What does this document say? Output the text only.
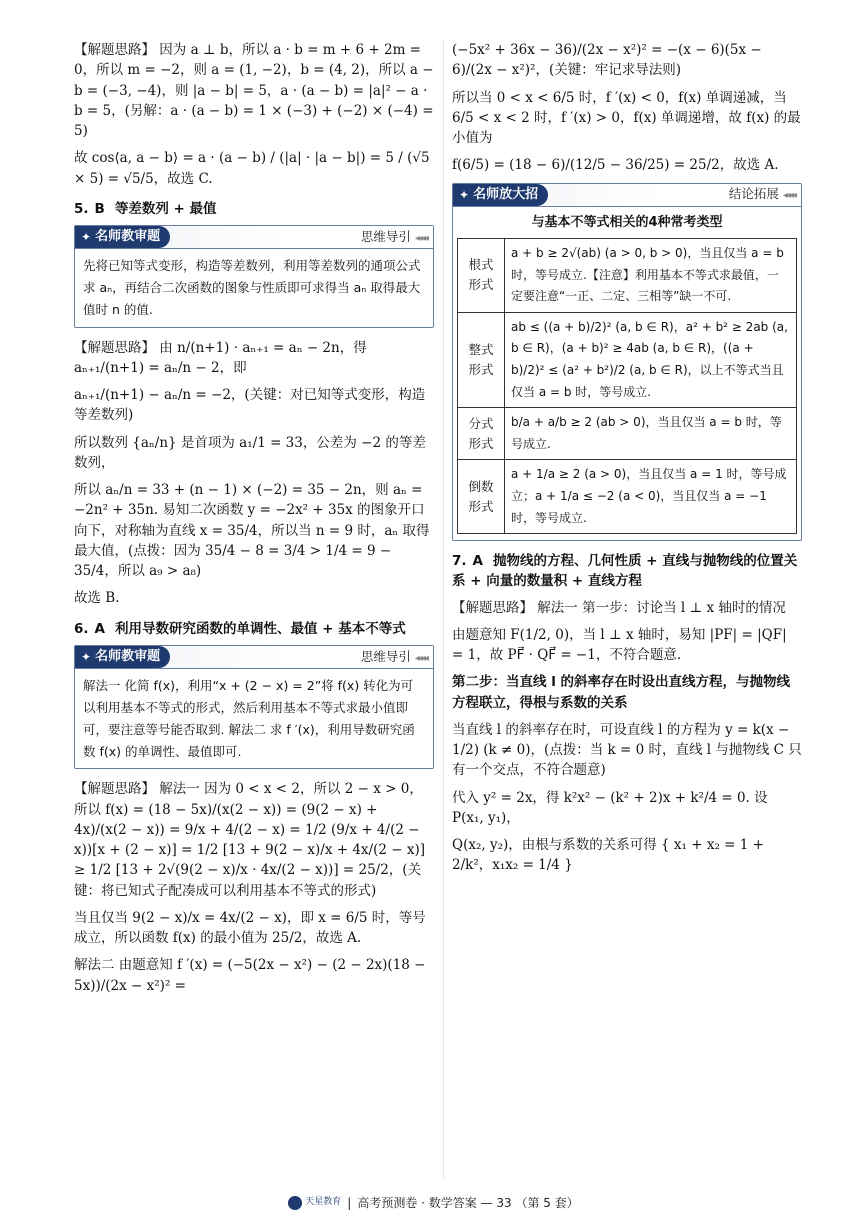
【解题思路】 因为 a ⊥ b，所以 a · b = m + 6 + 2m = 0，所以 m = −2，则 a = (1, −2)，b = (4, 2)，所以 a − b = (−3, −4)，则 |a − b| = 5，a · (a − b) = |a|² − a · b = 5，(另解：a · (a − b) = 1 × (−3) + (−2) × (−4) = 5)

故 cos⟨a, a − b⟩ = a · (a − b) / (|a| · |a − b|) = 5 / (√5 × 5) = √5/5，故选 C.

5. B 等差数列 + 最值
✦ 名师教审题	思维导引 ◂◂◂◂
先将已知等式变形，构造等差数列，利用等差数列的通项公式求 aₙ，再结合二次函数的图象与性质即可求得当 aₙ 取得最大值时 n 的值.

【解题思路】 由 n/(n+1) · aₙ₊₁ = aₙ − 2n，得 aₙ₊₁/(n+1) = aₙ/n − 2，即

aₙ₊₁/(n+1) − aₙ/n = −2，(关键：对已知等式变形，构造等差数列)

所以数列 {aₙ/n} 是首项为 a₁/1 = 33，公差为 −2 的等差数列，

所以 aₙ/n = 33 + (n − 1) × (−2) = 35 − 2n，则 aₙ = −2n² + 35n. 易知二次函数 y = −2x² + 35x 的图象开口向下，对称轴为直线 x = 35/4，所以当 n = 9 时，aₙ 取得最大值，(点拨：因为 35/4 − 8 = 3/4 > 1/4 = 9 − 35/4，所以 a₉ > a₈)

故选 B.

6. A 利用导数研究函数的单调性、最值 + 基本不等式
✦ 名师教审题	思维导引 ◂◂◂◂
解法一 化简 f(x)，利用“x + (2 − x) = 2”将 f(x) 转化为可以利用基本不等式的形式，然后利用基本不等式求最小值即可，要注意等号能否取到. 解法二 求 f ′(x)，利用导数研究函数 f(x) 的单调性、最值即可.

【解题思路】 解法一 因为 0 < x < 2，所以 2 − x > 0，所以 f(x) = (18 − 5x)/(x(2 − x)) = (9(2 − x) + 4x)/(x(2 − x)) = 9/x + 4/(2 − x) = 1/2 (9/x + 4/(2 − x))[x + (2 − x)] = 1/2 [13 + 9(2 − x)/x + 4x/(2 − x)] ≥ 1/2 [13 + 2√(9(2 − x)/x · 4x/(2 − x))] = 25/2，(关键：将已知式子配凑成可以利用基本不等式的形式)

当且仅当 9(2 − x)/x = 4x/(2 − x)，即 x = 6/5 时，等号成立，所以函数 f(x) 的最小值为 25/2，故选 A.

解法二 由题意知 f ′(x) = (−5(2x − x²) − (2 − 2x)(18 − 5x))/(2x − x²)² =

(−5x² + 36x − 36)/(2x − x²)² = −(x − 6)(5x − 6)/(2x − x²)²，(关键：牢记求导法则)

所以当 0 < x < 6/5 时，f ′(x) < 0，f(x) 单调递减，当 6/5 < x < 2 时，f ′(x) > 0，f(x) 单调递增，故 f(x) 的最小值为

f(6/5) = (18 − 6)/(12/5 − 36/25) = 25/2，故选 A.

✦ 名师放大招	结论拓展 ◂◂◂◂
与基本不等式相关的4种常考类型
根式形式	a + b ≥ 2√(ab) (a > 0, b > 0)，当且仅当 a = b 时，等号成立.【注意】利用基本不等式求最值，一定要注意“一正、二定、三相等”缺一不可.
整式形式	ab ≤ ((a + b)/2)² (a, b ∈ R)，a² + b² ≥ 2ab (a, b ∈ R)，(a + b)² ≥ 4ab (a, b ∈ R)，((a + b)/2)² ≤ (a² + b²)/2 (a, b ∈ R)，以上不等式当且仅当 a = b 时，等号成立.
分式形式	b/a + a/b ≥ 2 (ab > 0)，当且仅当 a = b 时，等号成立.
倒数形式	a + 1/a ≥ 2 (a > 0)，当且仅当 a = 1 时，等号成立；a + 1/a ≤ −2 (a < 0)，当且仅当 a = −1 时，等号成立.
7. A 抛物线的方程、几何性质 + 直线与抛物线的位置关系 + 向量的数量积 + 直线方程

【解题思路】 解法一 第一步：讨论当 l ⊥ x 轴时的情况

由题意知 F(1/2, 0)，当 l ⊥ x 轴时，易知 |PF| = |QF| = 1，故 PF⃗ · QF⃗ = −1，不符合题意.

第二步：当直线 l 的斜率存在时设出直线方程，与抛物线方程联立，得根与系数的关系

当直线 l 的斜率存在时，可设直线 l 的方程为 y = k(x − 1/2) (k ≠ 0)，(点拨：当 k = 0 时，直线 l 与抛物线 C 只有一个交点，不符合题意)

代入 y² = 2x，得 k²x² − (k² + 2)x + k²/4 = 0. 设 P(x₁, y₁)，

Q(x₂, y₂)，由根与系数的关系可得 { x₁ + x₂ = 1 + 2/k²，x₁x₂ = 1/4 }

天星教育 | 高考预测卷 · 数学答案 — 33 （第 5 套）
